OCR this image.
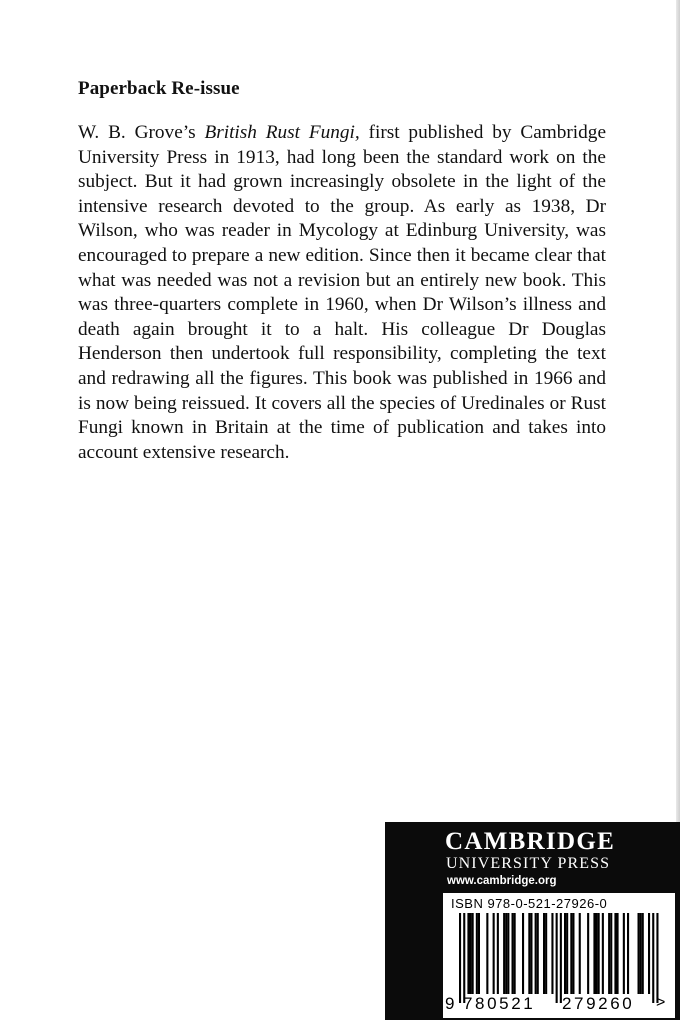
Paperback Re-issue
W. B. Grove’s British Rust Fungi, first published by Cambridge
University Press in 1913, had long been the standard work on the
subject. But it had grown increasingly obsolete in the light of the
intensive research devoted to the group. As early as 1938, Dr
Wilson, who was reader in Mycology at Edinburg University, was
encouraged to prepare a new edition. Since then it became clear that
what was needed was not a revision but an entirely new book. This
was three-quarters complete in 1960, when Dr Wilson’s illness and
death again brought it to a halt. His colleague Dr Douglas
Henderson then undertook full responsibility, completing the text
and redrawing all the figures. This book was published in 1966 and
is now being reissued. It covers all the species of Uredinales or Rust
Fungi known in Britain at the time of publication and takes into
account extensive research.
CAMBRIDGE
UNIVERSITY PRESS
www.cambridge.org
ISBN 978-0-521-27926-0
9 780521 279260 >
